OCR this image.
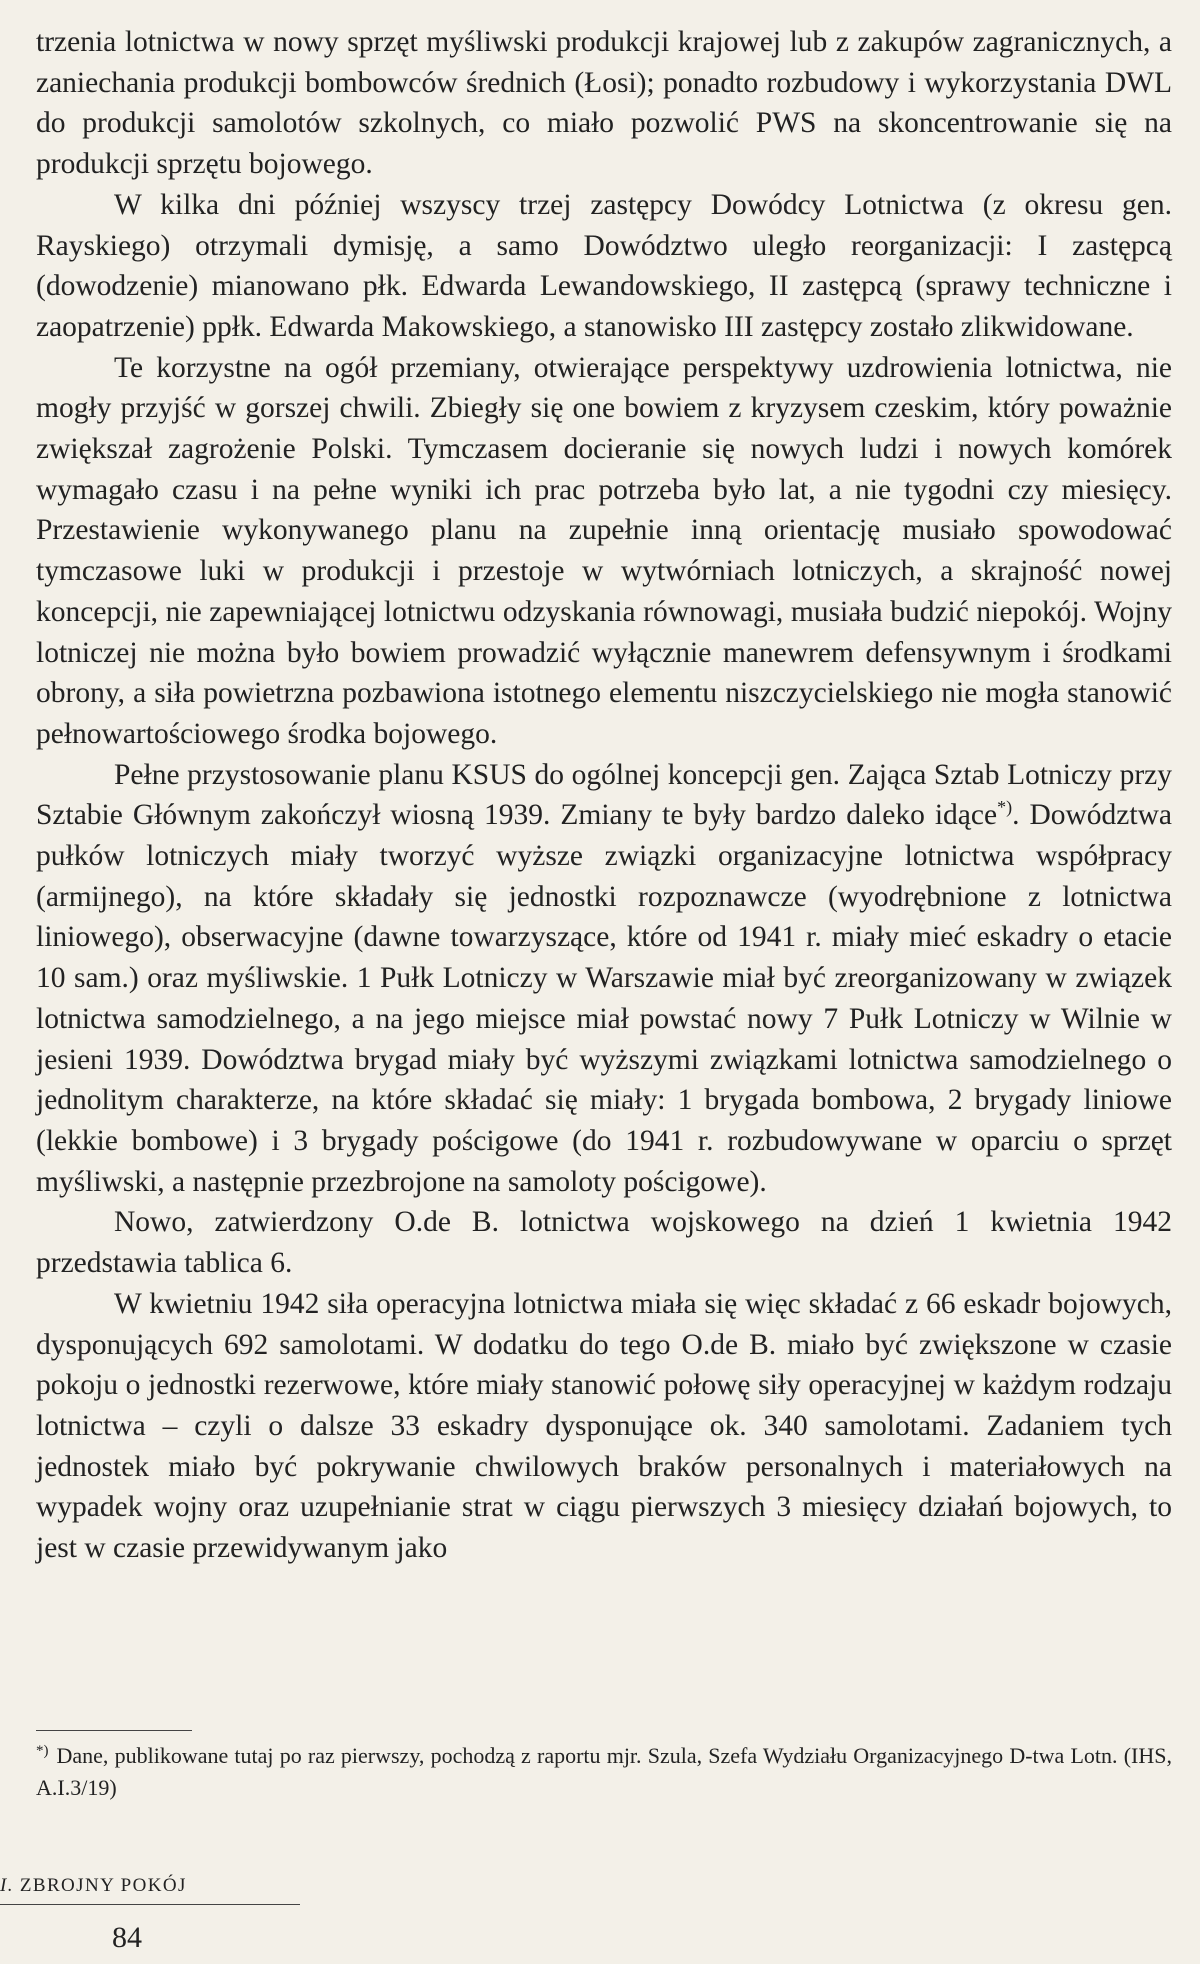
trzenia lotnictwa w nowy sprzęt myśliwski produkcji krajowej lub z zakupów zagranicznych, a zaniechania produkcji bombowców średnich (Łosi); ponadto rozbudowy i wykorzystania DWL do produkcji samolotów szkolnych, co miało pozwolić PWS na skoncentrowanie się na produkcji sprzętu bojowego.

W kilka dni później wszyscy trzej zastępcy Dowódcy Lotnictwa (z okresu gen. Rayskiego) otrzymali dymisję, a samo Dowództwo uległo reorganizacji: I zastępcą (dowodzenie) mianowano płk. Edwarda Lewandowskiego, II zastępcą (sprawy techniczne i zaopatrzenie) ppłk. Edwarda Makowskiego, a stanowisko III zastępcy zostało zlikwidowane.

Te korzystne na ogół przemiany, otwierające perspektywy uzdrowienia lotnictwa, nie mogły przyjść w gorszej chwili. Zbiegły się one bowiem z kryzysem czeskim, który poważnie zwiększał zagrożenie Polski. Tymczasem docieranie się nowych ludzi i nowych komórek wymagało czasu i na pełne wyniki ich prac potrzeba było lat, a nie tygodni czy miesięcy. Przestawienie wykonywanego planu na zupełnie inną orientację musiało spowodować tymczasowe luki w produkcji i przestoje w wytwórniach lotniczych, a skrajność nowej koncepcji, nie zapewniającej lotnictwu odzyskania równowagi, musiała budzić niepokój. Wojny lotniczej nie można było bowiem prowadzić wyłącznie manewrem defensywnym i środkami obrony, a siła powietrzna pozbawiona istotnego elementu niszczycielskiego nie mogła stanowić pełnowartościowego środka bojowego.

Pełne przystosowanie planu KSUS do ogólnej koncepcji gen. Zająca Sztab Lotniczy przy Sztabie Głównym zakończył wiosną 1939. Zmiany te były bardzo daleko idące*). Dowództwa pułków lotniczych miały tworzyć wyższe związki organizacyjne lotnictwa współpracy (armijnego), na które składały się jednostki rozpoznawcze (wyodrębnione z lotnictwa liniowego), obserwacyjne (dawne towarzyszące, które od 1941 r. miały mieć eskadry o etacie 10 sam.) oraz myśliwskie. 1 Pułk Lotniczy w Warszawie miał być zreorganizowany w związek lotnictwa samodzielnego, a na jego miejsce miał powstać nowy 7 Pułk Lotniczy w Wilnie w jesieni 1939. Dowództwa brygad miały być wyższymi związkami lotnictwa samodzielnego o jednolitym charakterze, na które składać się miały: 1 brygada bombowa, 2 brygady liniowe (lekkie bombowe) i 3 brygady pościgowe (do 1941 r. rozbudowywane w oparciu o sprzęt myśliwski, a następnie przezbrojone na samoloty pościgowe).

Nowo, zatwierdzony O.de B. lotnictwa wojskowego na dzień 1 kwietnia 1942 przedstawia tablica 6.

W kwietniu 1942 siła operacyjna lotnictwa miała się więc składać z 66 eskadr bojowych, dysponujących 692 samolotami. W dodatku do tego O.de B. miało być zwiększone w czasie pokoju o jednostki rezerwowe, które miały stanowić połowę siły operacyjnej w każdym rodzaju lotnictwa – czyli o dalsze 33 eskadry dysponujące ok. 340 samolotami. Zadaniem tych jednostek miało być pokrywanie chwilowych braków personalnych i materiałowych na wypadek wojny oraz uzupełnianie strat w ciągu pierwszych 3 miesięcy działań bojowych, to jest w czasie przewidywanym jako

*) Dane, publikowane tutaj po raz pierwszy, pochodzą z raportu mjr. Szula, Szefa Wydziału Organizacyjnego D-twa Lotn. (IHS, A.I.3/19)
I. ZBROJNY POKÓJ
84
